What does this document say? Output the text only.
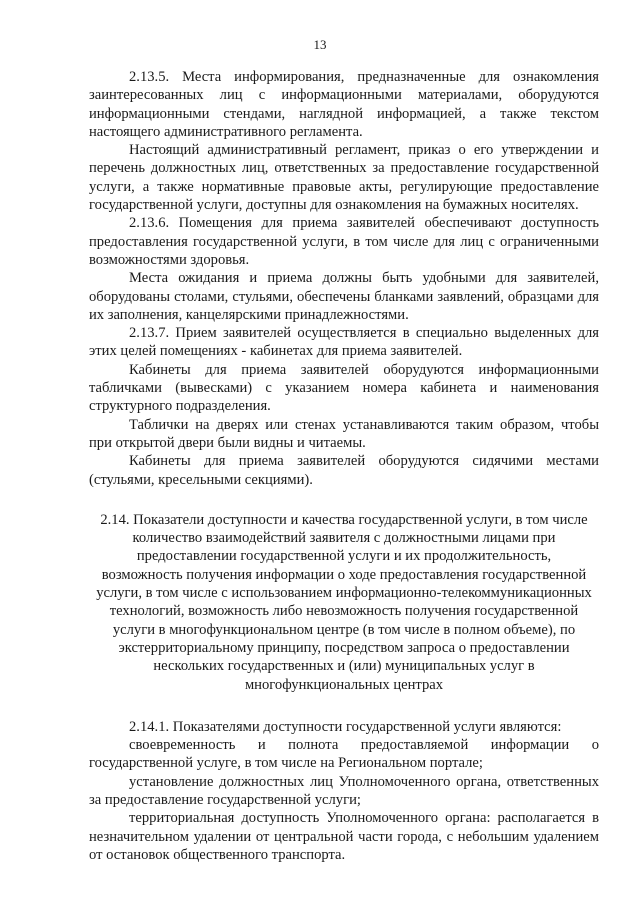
13

2.13.5. Места информирования, предназначенные для ознакомления заинтересованных лиц с информационными материалами, оборудуются информационными стендами, наглядной информацией, а также текстом настоящего административного регламента.

Настоящий административный регламент, приказ о его утверждении и перечень должностных лиц, ответственных за предоставление государственной услуги, а также нормативные правовые акты, регулирующие предоставление государственной услуги, доступны для ознакомления на бумажных носителях.

2.13.6. Помещения для приема заявителей обеспечивают доступность предоставления государственной услуги, в том числе для лиц с ограниченными возможностями здоровья.

Места ожидания и приема должны быть удобными для заявителей, оборудованы столами, стульями, обеспечены бланками заявлений, образцами для их заполнения, канцелярскими принадлежностями.

2.13.7. Прием заявителей осуществляется в специально выделенных для этих целей помещениях - кабинетах для приема заявителей.

Кабинеты для приема заявителей оборудуются информационными табличками (вывесками) с указанием номера кабинета и наименования структурного подразделения.

Таблички на дверях или стенах устанавливаются таким образом, чтобы при открытой двери были видны и читаемы.

Кабинеты для приема заявителей оборудуются сидячими местами (стульями, кресельными секциями).

2.14. Показатели доступности и качества государственной услуги, в том числе количество взаимодействий заявителя с должностными лицами при предоставлении государственной услуги и их продолжительность, возможность получения информации о ходе предоставления государственной услуги, в том числе с использованием информационно-телекоммуникационных технологий, возможность либо невозможность получения государственной услуги в многофункциональном центре (в том числе в полном объеме), по экстерриториальному принципу, посредством запроса о предоставлении нескольких государственных и (или) муниципальных услуг в многофункциональных центрах

2.14.1. Показателями доступности государственной услуги являются:

своевременность и полнота предоставляемой информации о государственной услуге, в том числе на Региональном портале;

установление должностных лиц Уполномоченного органа, ответственных за предоставление государственной услуги;

территориальная доступность Уполномоченного органа: располагается в незначительном удалении от центральной части города, с небольшим удалением от остановок общественного транспорта.
